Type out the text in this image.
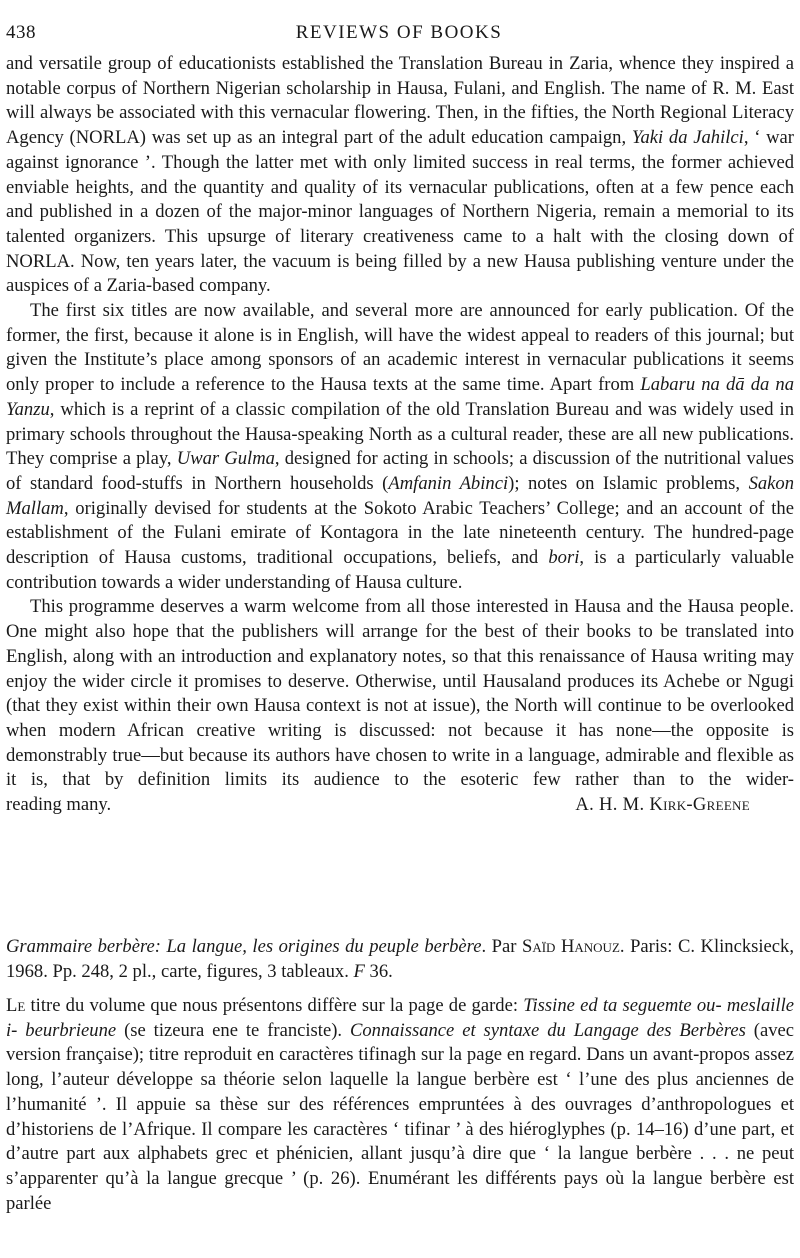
438	REVIEWS OF BOOKS

and versatile group of educationists established the Translation Bureau in Zaria, whence they inspired a notable corpus of Northern Nigerian scholarship in Hausa, Fulani, and English. The name of R. M. East will always be associated with this vernacular flowering. Then, in the fifties, the North Regional Literacy Agency (NORLA) was set up as an integral part of the adult education campaign, Yaki da Jahilci, ‘ war against ignorance ’. Though the latter met with only limited success in real terms, the former achieved enviable heights, and the quantity and quality of its vernacular publications, often at a few pence each and published in a dozen of the major-minor languages of Northern Nigeria, remain a memorial to its talented organizers. This upsurge of literary creativeness came to a halt with the closing down of NORLA. Now, ten years later, the vacuum is being filled by a new Hausa publishing venture under the auspices of a Zaria-based company.

The first six titles are now available, and several more are announced for early publication. Of the former, the first, because it alone is in English, will have the widest appeal to readers of this journal; but given the Institute’s place among sponsors of an academic interest in vernacular publications it seems only proper to include a reference to the Hausa texts at the same time. Apart from Labaru na dā da na Yanzu, which is a reprint of a classic compilation of the old Translation Bureau and was widely used in primary schools throughout the Hausa-speaking North as a cultural reader, these are all new publications. They comprise a play, Uwar Gulma, designed for acting in schools; a discussion of the nutritional values of standard food-stuffs in Northern households (Amfanin Abinci); notes on Islamic problems, Sakon Mallam, originally devised for students at the Sokoto Arabic Teachers’ College; and an account of the establishment of the Fulani emirate of Kontagora in the late nineteenth century. The hundred-page description of Hausa customs, traditional occupations, beliefs, and bori, is a particularly valuable contribution towards a wider understanding of Hausa culture.

This programme deserves a warm welcome from all those interested in Hausa and the Hausa people. One might also hope that the publishers will arrange for the best of their books to be translated into English, along with an introduction and explanatory notes, so that this renaissance of Hausa writing may enjoy the wider circle it promises to deserve. Otherwise, until Hausaland produces its Achebe or Ngugi (that they exist within their own Hausa context is not at issue), the North will continue to be overlooked when modern African creative writing is discussed: not because it has none—the opposite is demonstrably true—but because its authors have chosen to write in a language, admirable and flexible as it is, that by definition limits its audience to the esoteric few rather than to the wider-

reading many.	A. H. M. Kirk-Greene
Grammaire berbère: La langue, les origines du peuple berbère. Par Saïd Hanouz. Paris: C. Klincksieck, 1968. Pp. 248, 2 pl., carte, figures, 3 tableaux. F 36.

Le titre du volume que nous présentons diffère sur la page de garde: Tissine ed ta seguemte ou- meslaille i- beurbrieune (se tizeura ene te franciste). Connaissance et syntaxe du Langage des Berbères (avec version française); titre reproduit en caractères tifinagh sur la page en regard. Dans un avant-propos assez long, l’auteur développe sa théorie selon laquelle la langue berbère est ‘ l’une des plus anciennes de l’humanité ’. Il appuie sa thèse sur des références empruntées à des ouvrages d’anthropologues et d’historiens de l’Afrique. Il compare les caractères ‘ tifinar ’ à des hiéroglyphes (p. 14–16) d’une part, et d’autre part aux alphabets grec et phénicien, allant jusqu’à dire que ‘ la langue berbère . . . ne peut s’apparenter qu’à la langue grecque ’ (p. 26). Enumérant les différents pays où la langue berbère est parlée
